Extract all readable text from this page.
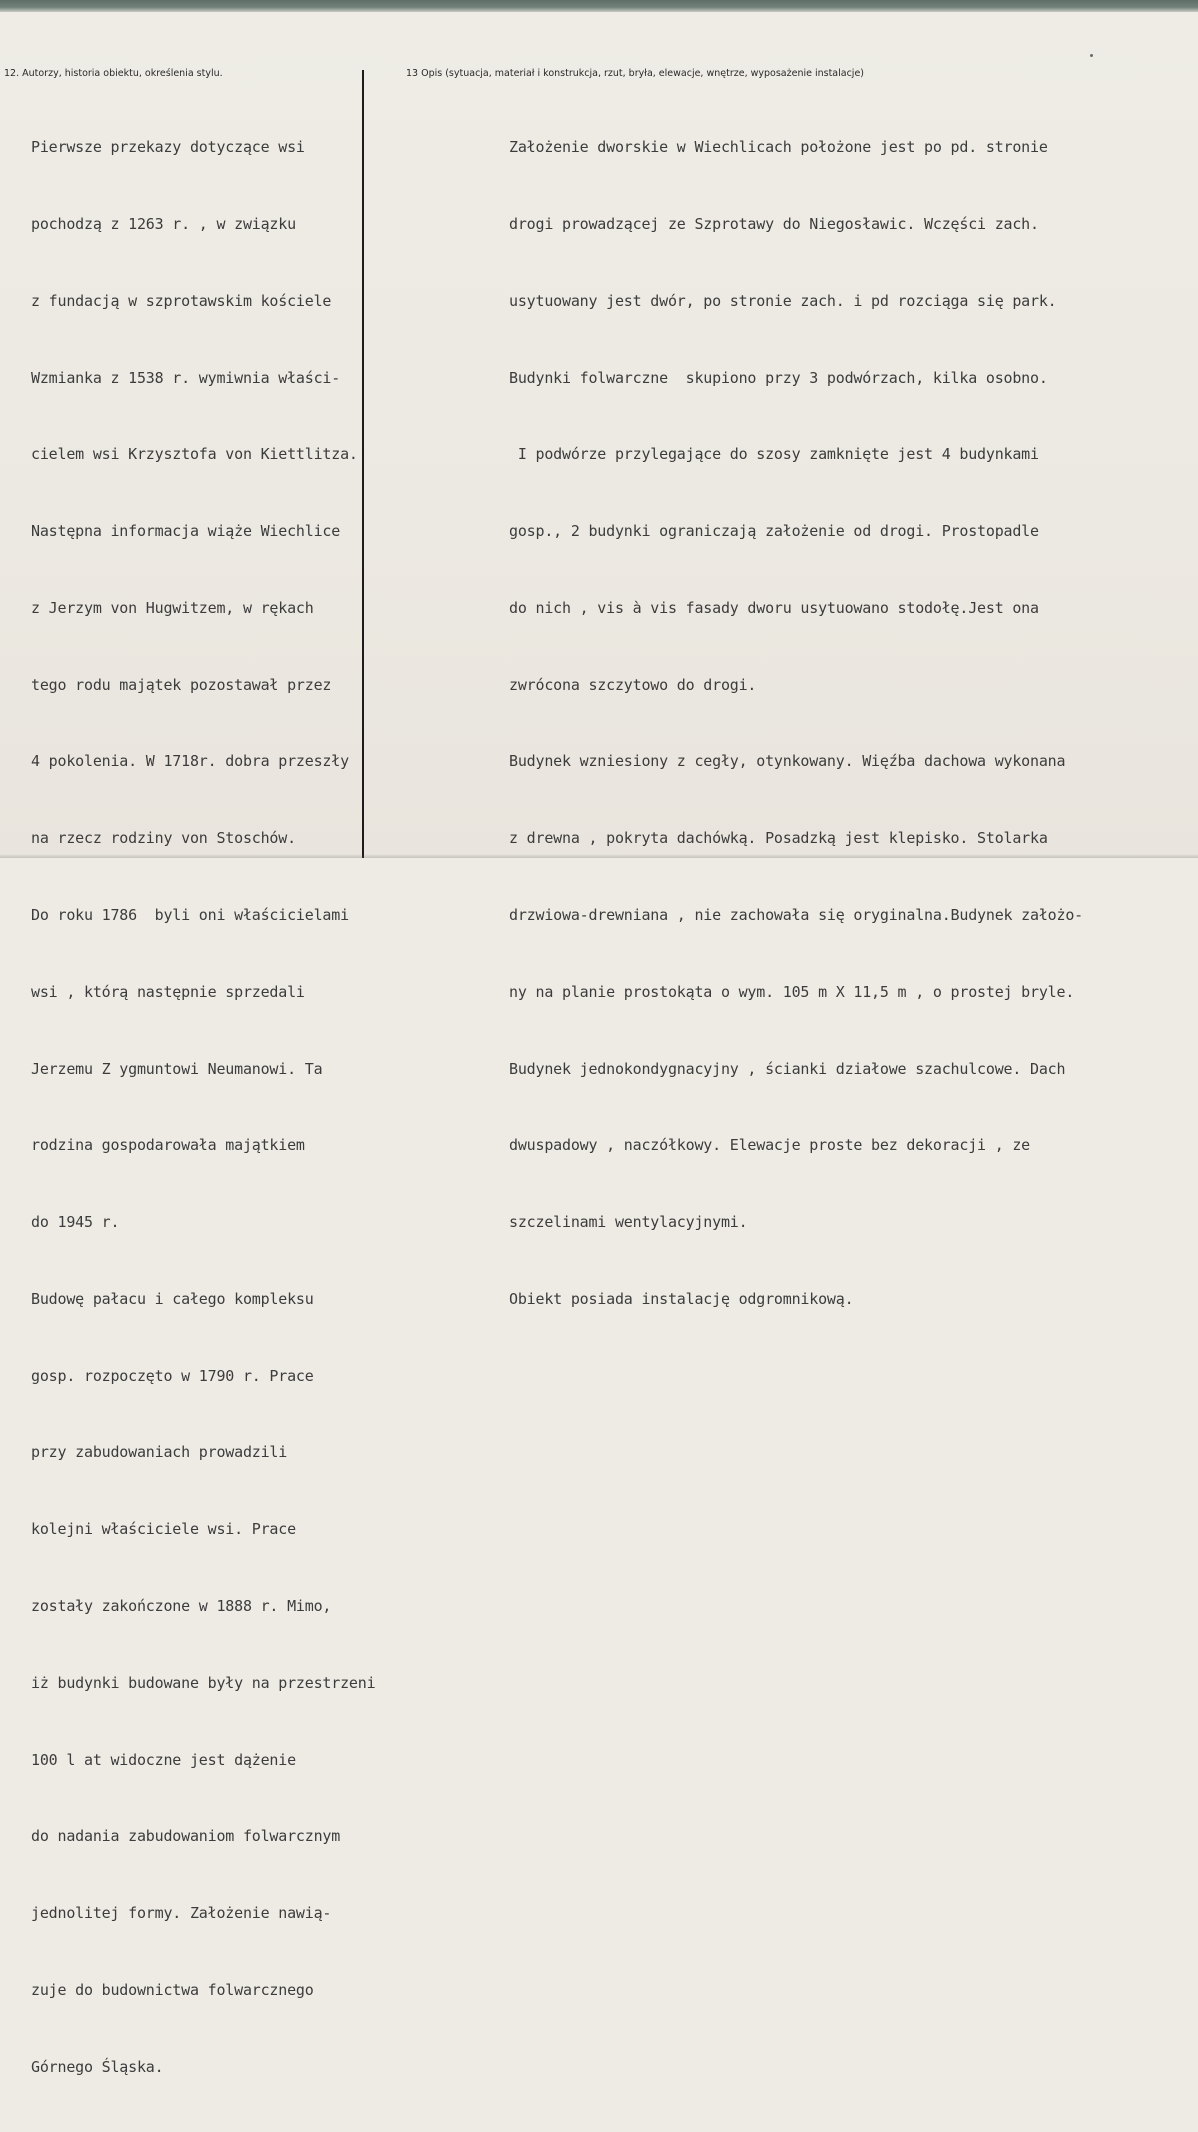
12. Autorzy, historia obiektu, określenia stylu.	13 Opis (sytuacja, materiał i konstrukcja, rzut, bryła, elewacje, wnętrze, wyposażenie instalacje)

Pierwsze przekazy dotyczące wsi

pochodzą z 1263 r. , w związku

z fundacją w szprotawskim kościele

Wzmianka z 1538 r. wymiwnia właści-

cielem wsi Krzysztofa von Kiettlitza.

Następna informacja wiąże Wiechlice

z Jerzym von Hugwitzem, w rękach

tego rodu majątek pozostawał przez

4 pokolenia. W 1718r. dobra przeszły

na rzecz rodziny von Stoschów.

Do roku 1786  byli oni właścicielami

wsi , którą następnie sprzedali

Jerzemu Z ygmuntowi Neumanowi. Ta

rodzina gospodarowała majątkiem

do 1945 r.

Budowę pałacu i całego kompleksu

gosp. rozpoczęto w 1790 r. Prace

przy zabudowaniach prowadzili

kolejni właściciele wsi. Prace

zostały zakończone w 1888 r. Mimo,

iż budynki budowane były na przestrzeni

100 l at widoczne jest dążenie

do nadania zabudowaniom folwarcznym

jednolitej formy. Założenie nawią-

zuje do budownictwa folwarcznego

Górnego Śląska.

Założenie dworskie w Wiechlicach położone jest po pd. stronie

drogi prowadzącej ze Szprotawy do Niegosławic. Wczęści zach.

usytuowany jest dwór, po stronie zach. i pd rozciąga się park.

Budynki folwarczne  skupiono przy 3 podwórzach, kilka osobno.

I podwórze przylegające do szosy zamknięte jest 4 budynkami

gosp., 2 budynki ograniczają założenie od drogi. Prostopadle

do nich , vis à vis fasady dworu usytuowano stodołę.Jest ona

zwrócona szczytowo do drogi.

Budynek wzniesiony z cegły, otynkowany. Więźba dachowa wykonana

z drewna , pokryta dachówką. Posadzką jest klepisko. Stolarka

drzwiowa-drewniana , nie zachowała się oryginalna.Budynek założo-

ny na planie prostokąta o wym. 105 m X 11,5 m , o prostej bryle.

Budynek jednokondygnacyjny , ścianki działowe szachulcowe. Dach

dwuspadowy , naczółkowy. Elewacje proste bez dekoracji , ze

szczelinami wentylacyjnymi.

Obiekt posiada instalację odgromnikową.
